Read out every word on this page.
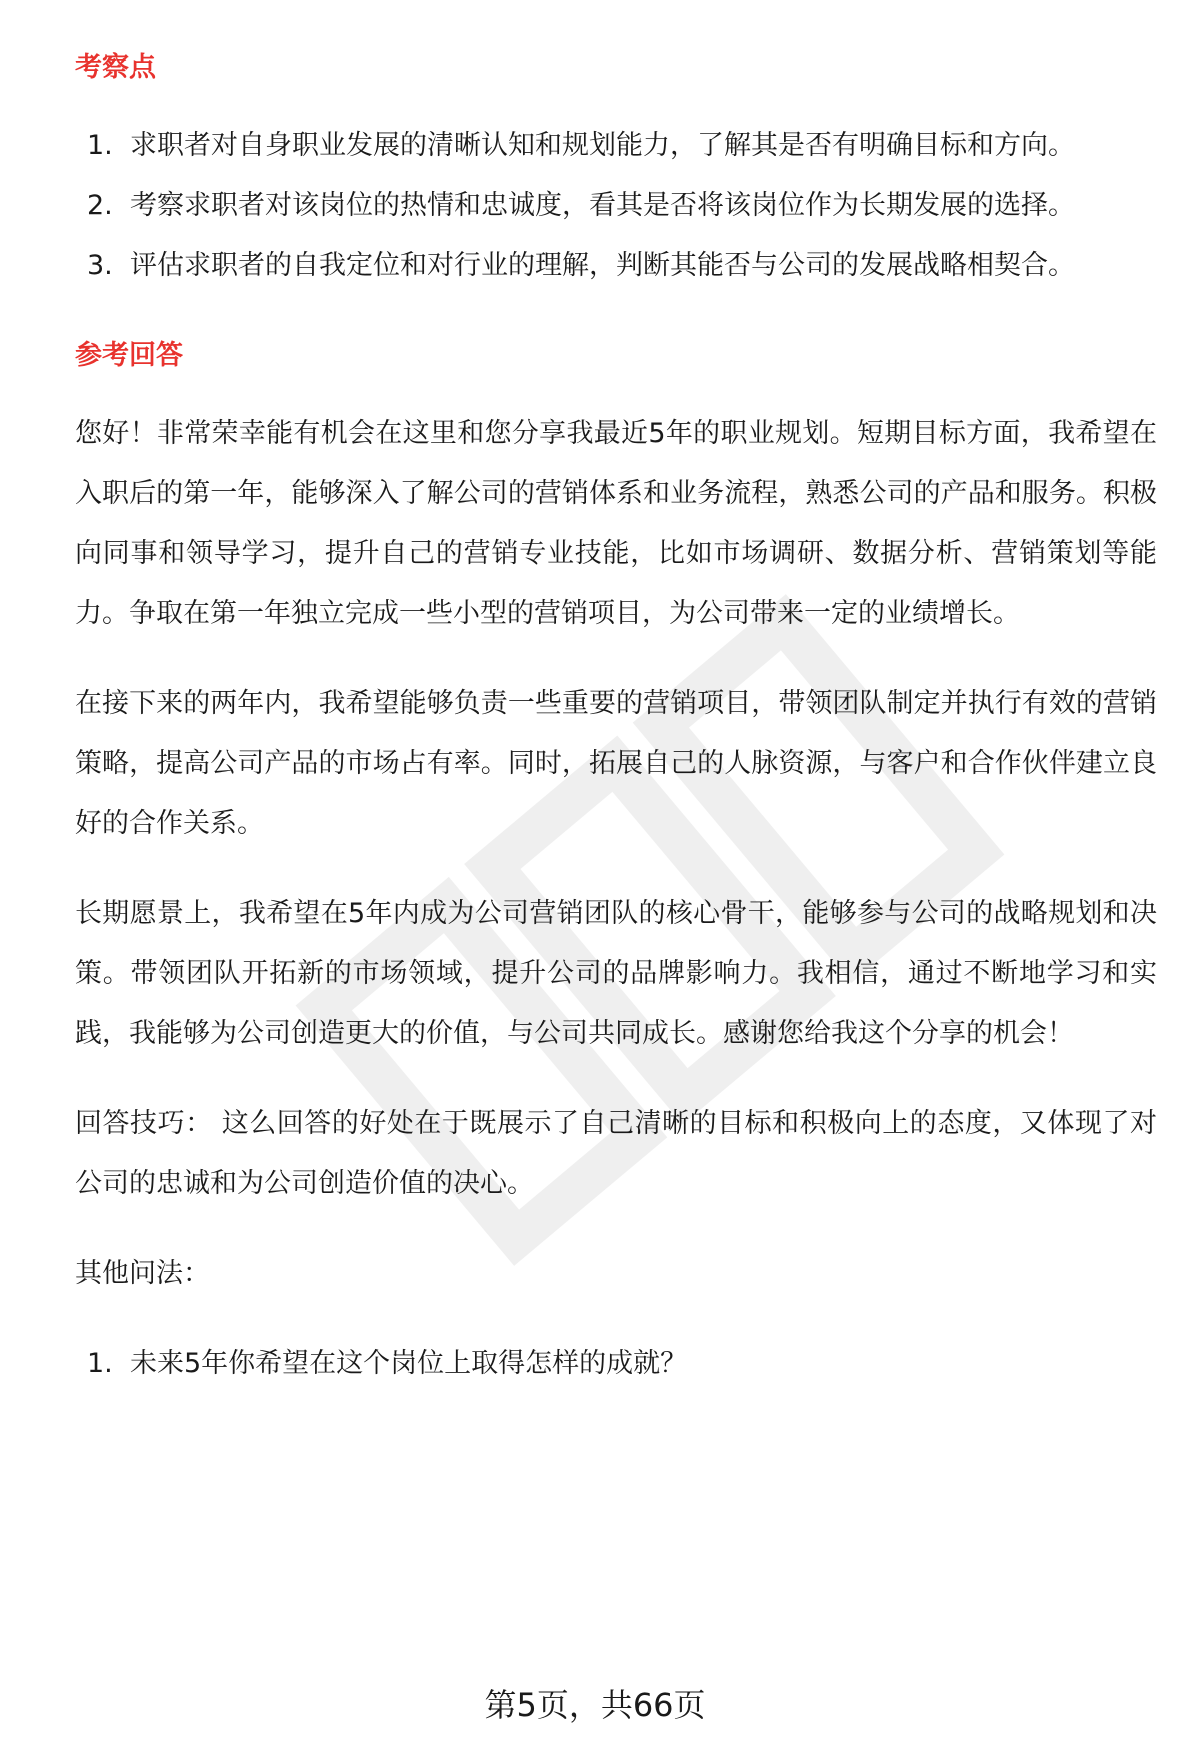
考察点
1. 求职者对自身职业发展的清晰认知和规划能力，了解其是否有明确目标和方向。
2. 考察求职者对该岗位的热情和忠诚度，看其是否将该岗位作为长期发展的选择。
3. 评估求职者的自我定位和对行业的理解，判断其能否与公司的发展战略相契合。
参考回答

您好！非常荣幸能有机会在这里和您分享我最近5年的职业规划。短期目标方面，我希望在入职后的第一年，能够深入了解公司的营销体系和业务流程，熟悉公司的产品和服务。积极向同事和领导学习，提升自己的营销专业技能，比如市场调研、数据分析、营销策划等能力。争取在第一年独立完成一些小型的营销项目，为公司带来一定的业绩增长。

在接下来的两年内，我希望能够负责一些重要的营销项目，带领团队制定并执行有效的营销策略，提高公司产品的市场占有率。同时，拓展自己的人脉资源，与客户和合作伙伴建立良好的合作关系。

长期愿景上，我希望在5年内成为公司营销团队的核心骨干，能够参与公司的战略规划和决策。带领团队开拓新的市场领域，提升公司的品牌影响力。我相信，通过不断地学习和实践，我能够为公司创造更大的价值，与公司共同成长。感谢您给我这个分享的机会！

回答技巧： 这么回答的好处在于既展示了自己清晰的目标和积极向上的态度，又体现了对公司的忠诚和为公司创造价值的决心。

其他问法：

1. 未来5年你希望在这个岗位上取得怎样的成就？
第5页，共66页
